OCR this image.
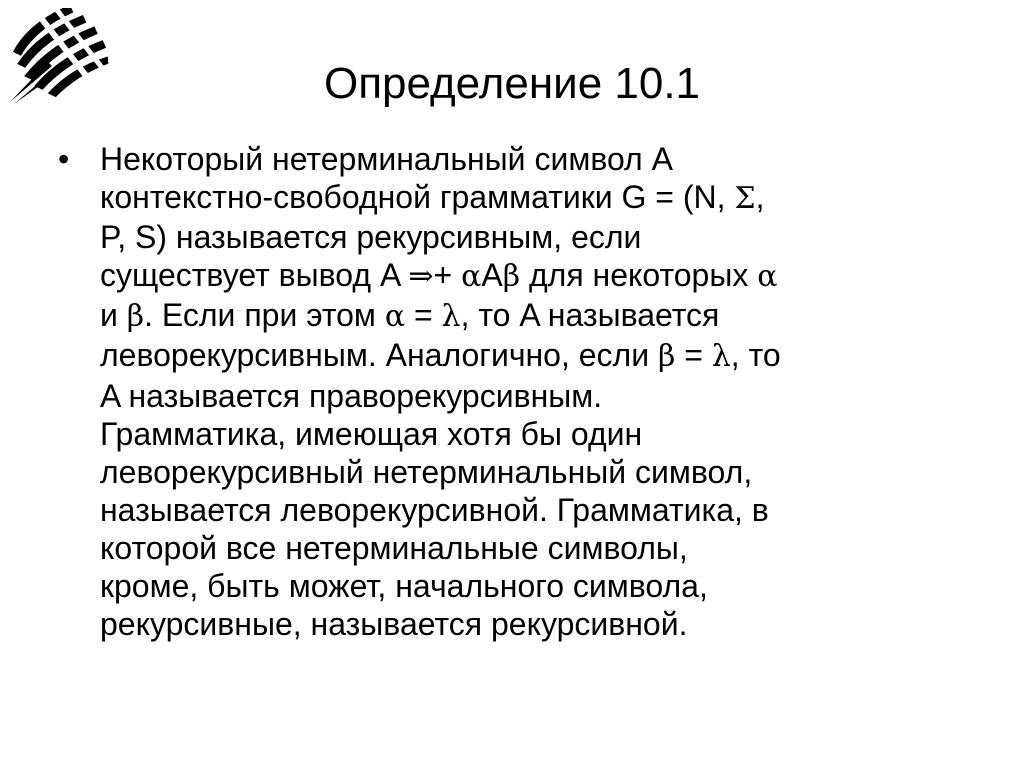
Определение 10.1
• Некоторый нетерминальный символ A
контекстно-свободной грамматики G = (N, Σ,
P, S) называется рекурсивным, если
существует вывод A ⇒+ αAβ для некоторых α
и β. Если при этом α = λ, то A называется
леворекурсивным. Аналогично, если β = λ, то
A называется праворекурсивным.
Грамматика, имеющая хотя бы один
леворекурсивный нетерминальный символ,
называется леворекурсивной. Грамматика, в
которой все нетерминальные символы,
кроме, быть может, начального символа,
рекурсивные, называется рекурсивной.
